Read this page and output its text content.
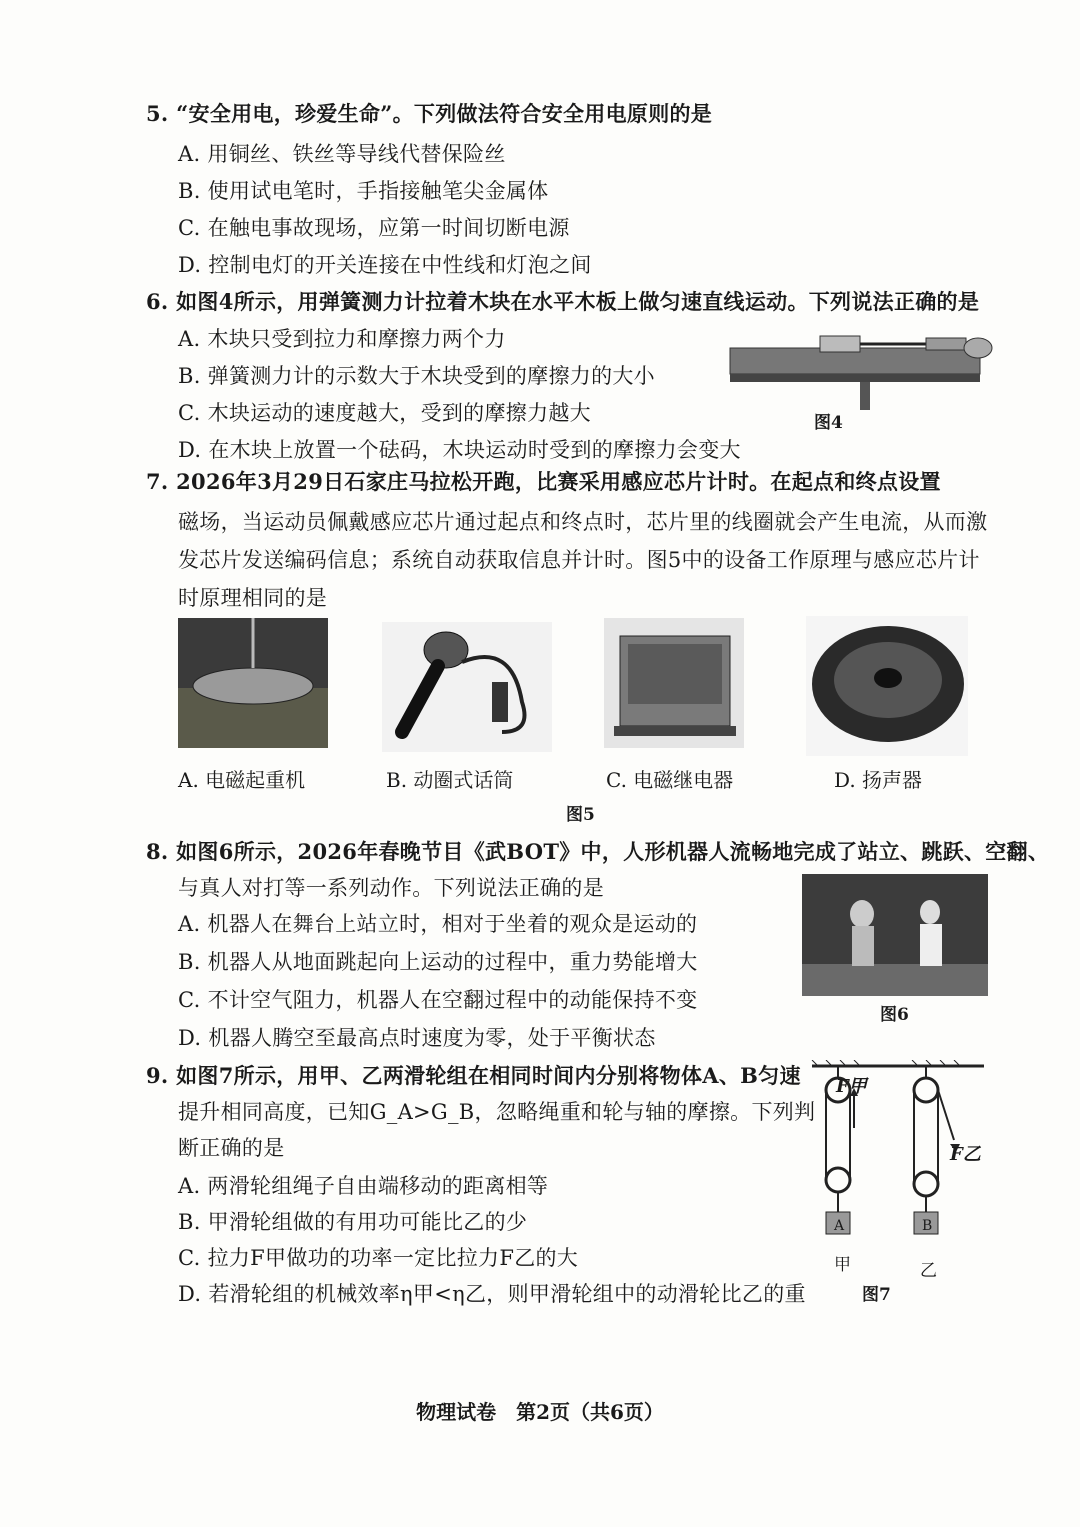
5. “安全用电，珍爱生命”。下列做法符合安全用电原则的是
A. 用铜丝、铁丝等导线代替保险丝
B. 使用试电笔时，手指接触笔尖金属体
C. 在触电事故现场，应第一时间切断电源
D. 控制电灯的开关连接在中性线和灯泡之间
6. 如图4所示，用弹簧测力计拉着木块在水平木板上做匀速直线运动。下列说法正确的是
A. 木块只受到拉力和摩擦力两个力
B. 弹簧测力计的示数大于木块受到的摩擦力的大小
C. 木块运动的速度越大，受到的摩擦力越大
D. 在木块上放置一个砝码，木块运动时受到的摩擦力会变大
图4
7. 2026年3月29日石家庄马拉松开跑，比赛采用感应芯片计时。在起点和终点设置
磁场，当运动员佩戴感应芯片通过起点和终点时，芯片里的线圈就会产生电流，从而激
发芯片发送编码信息；系统自动获取信息并计时。图5中的设备工作原理与感应芯片计
时原理相同的是
A. 电磁起重机	B. 动圈式话筒	C. 电磁继电器	D. 扬声器
图5
8. 如图6所示，2026年春晚节目《武BOT》中，人形机器人流畅地完成了站立、跳跃、空翻、
与真人对打等一系列动作。下列说法正确的是
A. 机器人在舞台上站立时，相对于坐着的观众是运动的
B. 机器人从地面跳起向上运动的过程中，重力势能增大
C. 不计空气阻力，机器人在空翻过程中的动能保持不变
D. 机器人腾空至最高点时速度为零，处于平衡状态
图6
9. 如图7所示，用甲、乙两滑轮组在相同时间内分别将物体A、B匀速
提升相同高度，已知G_A>G_B，忽略绳重和轮与轴的摩擦。下列判
断正确的是
A. 两滑轮组绳子自由端移动的距离相等
B. 甲滑轮组做的有用功可能比乙的少
C. 拉力F甲做功的功率一定比拉力F乙的大
D. 若滑轮组的机械效率η甲<η乙，则甲滑轮组中的动滑轮比乙的重
F甲
F乙
A	B
甲	乙
图7
物理试卷　第2页（共6页）
